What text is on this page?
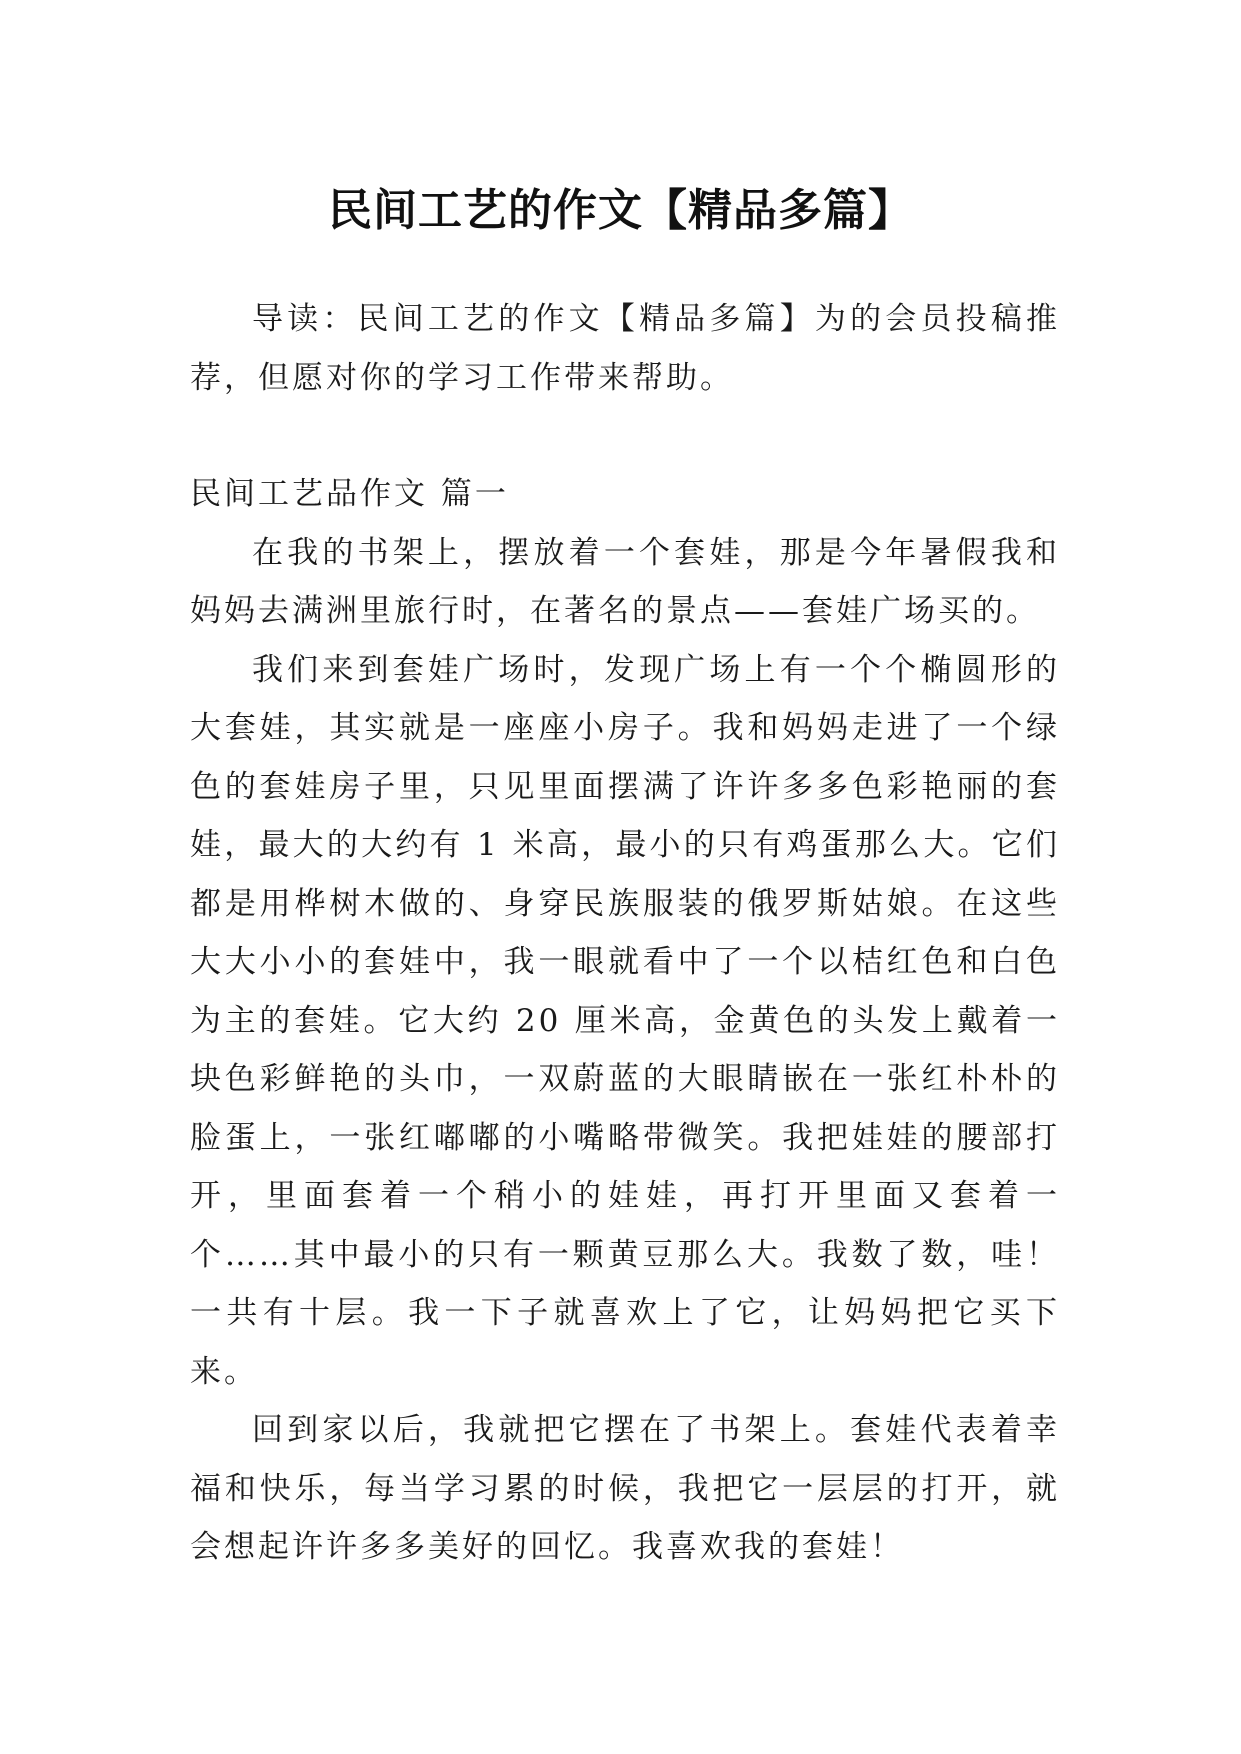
民间工艺的作文【精品多篇】

导读：民间工艺的作文【精品多篇】为的会员投稿推荐，但愿对你的学习工作带来帮助。

民间工艺品作文 篇一

在我的书架上，摆放着一个套娃，那是今年暑假我和妈妈去满洲里旅行时，在著名的景点——套娃广场买的。

我们来到套娃广场时，发现广场上有一个个椭圆形的大套娃，其实就是一座座小房子。我和妈妈走进了一个绿色的套娃房子里，只见里面摆满了许许多多色彩艳丽的套娃，最大的大约有 1 米高，最小的只有鸡蛋那么大。它们都是用桦树木做的、身穿民族服装的俄罗斯姑娘。在这些大大小小的套娃中，我一眼就看中了一个以桔红色和白色为主的套娃。它大约 20 厘米高，金黄色的头发上戴着一块色彩鲜艳的头巾，一双蔚蓝的大眼睛嵌在一张红朴朴的脸蛋上，一张红嘟嘟的小嘴略带微笑。我把娃娃的腰部打开，里面套着一个稍小的娃娃，再打开里面又套着一个……其中最小的只有一颗黄豆那么大。我数了数，哇！一共有十层。我一下子就喜欢上了它，让妈妈把它买下来。

回到家以后，我就把它摆在了书架上。套娃代表着幸福和快乐，每当学习累的时候，我把它一层层的打开，就会想起许许多多美好的回忆。我喜欢我的套娃！
